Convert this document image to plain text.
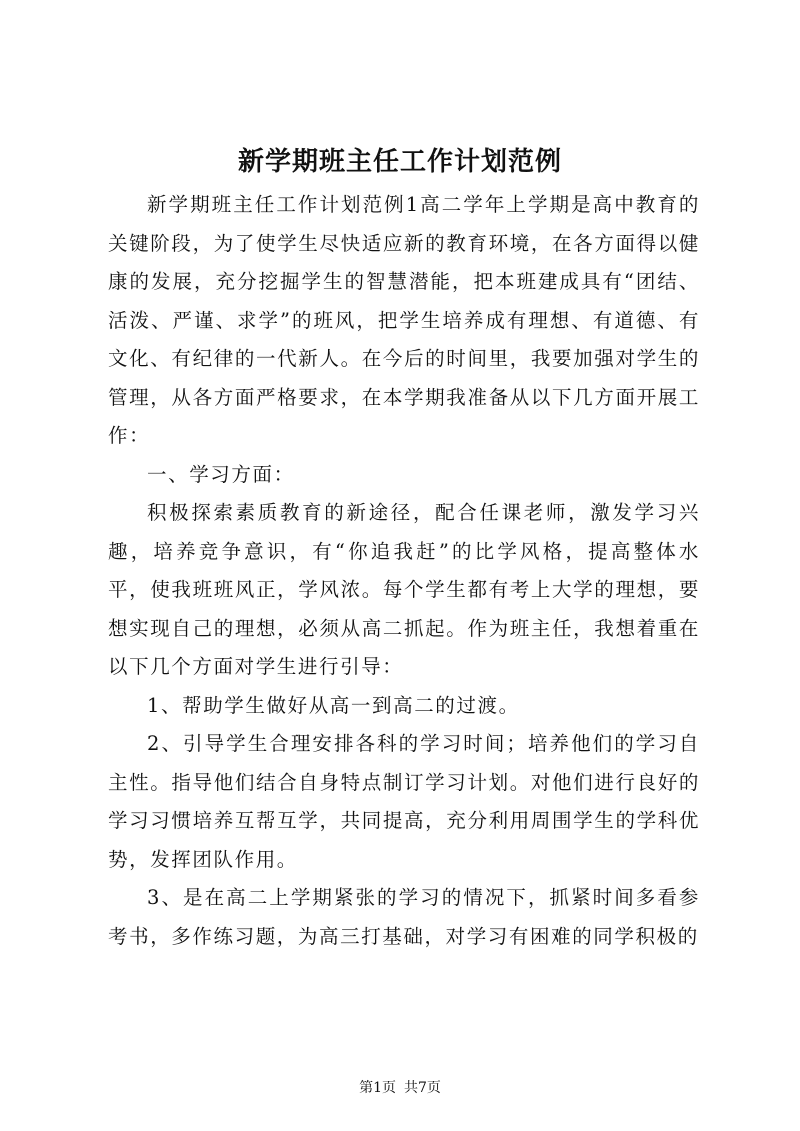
新学期班主任工作计划范例

新学期班主任工作计划范例1高二学年上学期是高中教育的关键阶段，为了使学生尽快适应新的教育环境，在各方面得以健康的发展，充分挖掘学生的智慧潜能，把本班建成具有“团结、活泼、严谨、求学”的班风，把学生培养成有理想、有道德、有文化、有纪律的一代新人。在今后的时间里，我要加强对学生的管理，从各方面严格要求，在本学期我准备从以下几方面开展工作：

一、学习方面：

积极探索素质教育的新途径，配合任课老师，激发学习兴趣，培养竞争意识，有“你追我赶”的比学风格，提高整体水平，使我班班风正，学风浓。每个学生都有考上大学的理想，要想实现自己的理想，必须从高二抓起。作为班主任，我想着重在以下几个方面对学生进行引导：

1、帮助学生做好从高一到高二的过渡。

2、引导学生合理安排各科的学习时间；培养他们的学习自主性。指导他们结合自身特点制订学习计划。对他们进行良好的学习习惯培养互帮互学，共同提高，充分利用周围学生的学科优势，发挥团队作用。

3、是在高二上学期紧张的学习的情况下，抓紧时间多看参考书，多作练习题，为高三打基础，对学习有困难的同学积极的

第1页 共7页
